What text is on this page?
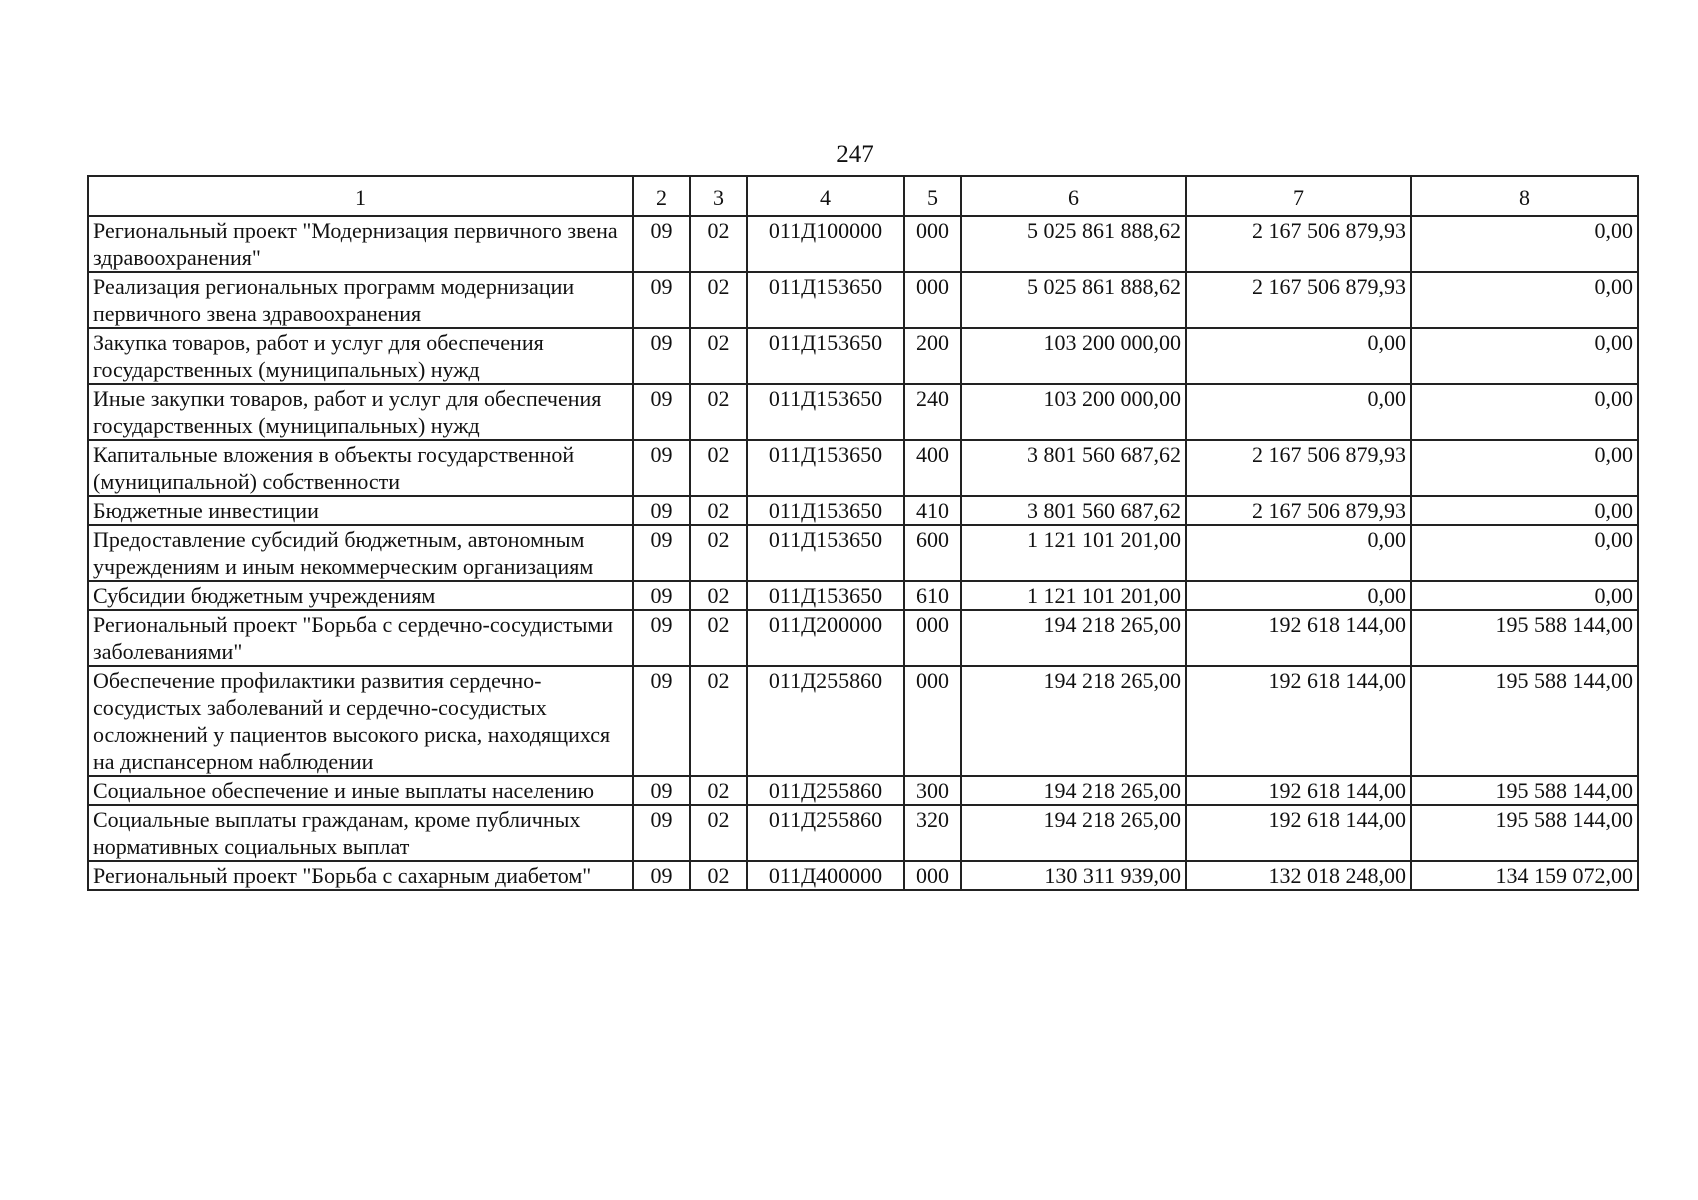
247
1	2	3	4	5	6	7	8
Региональный проект "Модернизация первичного звена здравоохранения"	09	02	011Д100000	000	5 025 861 888,62	2 167 506 879,93	0,00
Реализация региональных программ модернизации первичного звена здравоохранения	09	02	011Д153650	000	5 025 861 888,62	2 167 506 879,93	0,00
Закупка товаров, работ и услуг для обеспечения государственных (муниципальных) нужд	09	02	011Д153650	200	103 200 000,00	0,00	0,00
Иные закупки товаров, работ и услуг для обеспечения государственных (муниципальных) нужд	09	02	011Д153650	240	103 200 000,00	0,00	0,00
Капитальные вложения в объекты государственной (муниципальной) собственности	09	02	011Д153650	400	3 801 560 687,62	2 167 506 879,93	0,00
Бюджетные инвестиции	09	02	011Д153650	410	3 801 560 687,62	2 167 506 879,93	0,00
Предоставление субсидий бюджетным, автономным учреждениям и иным некоммерческим организациям	09	02	011Д153650	600	1 121 101 201,00	0,00	0,00
Субсидии бюджетным учреждениям	09	02	011Д153650	610	1 121 101 201,00	0,00	0,00
Региональный проект "Борьба с сердечно-сосудистыми заболеваниями"	09	02	011Д200000	000	194 218 265,00	192 618 144,00	195 588 144,00
Обеспечение профилактики развития сердечно-сосудистых заболеваний и сердечно-сосудистых осложнений у пациентов высокого риска, находящихся на диспансерном наблюдении	09	02	011Д255860	000	194 218 265,00	192 618 144,00	195 588 144,00
Социальное обеспечение и иные выплаты населению	09	02	011Д255860	300	194 218 265,00	192 618 144,00	195 588 144,00
Социальные выплаты гражданам, кроме публичных нормативных социальных выплат	09	02	011Д255860	320	194 218 265,00	192 618 144,00	195 588 144,00
Региональный проект "Борьба с сахарным диабетом"	09	02	011Д400000	000	130 311 939,00	132 018 248,00	134 159 072,00
